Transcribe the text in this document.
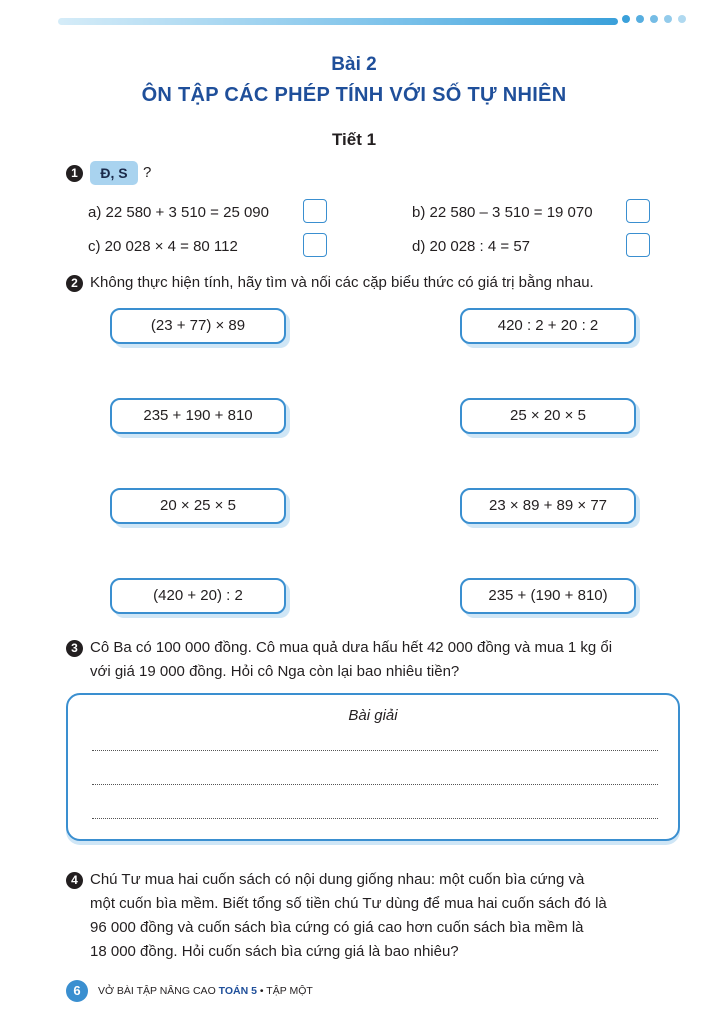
Bài 2
ÔN TẬP CÁC PHÉP TÍNH VỚI SỐ TỰ NHIÊN
Tiết 1
1	Đ, S	?
a) 22 580 + 3 510 = 25 090	b) 22 580 – 3 510 = 19 070
c) 20 028 × 4 = 80 112	d) 20 028 : 4 = 57
2 Không thực hiện tính, hãy tìm và nối các cặp biểu thức có giá trị bằng nhau.
(23 + 77) × 89
235 + 190 + 810
20 × 25 × 5
(420 + 20) : 2
420 : 2 + 20 : 2
25 × 20 × 5
23 × 89 + 89 × 77
235 + (190 + 810)
3 Cô Ba có 100 000 đồng. Cô mua quả dưa hấu hết 42 000 đồng và mua 1 kg ổi
với giá 19 000 đồng. Hỏi cô Nga còn lại bao nhiêu tiền?
Bài giải
4 Chú Tư mua hai cuốn sách có nội dung giống nhau: một cuốn bìa cứng và
một cuốn bìa mềm. Biết tổng số tiền chú Tư dùng để mua hai cuốn sách đó là
96 000 đồng và cuốn sách bìa cứng có giá cao hơn cuốn sách bìa mềm là
18 000 đồng. Hỏi cuốn sách bìa cứng giá là bao nhiêu?
6	VỞ BÀI TẬP NÂNG CAO TOÁN 5 • TẬP MỘT
